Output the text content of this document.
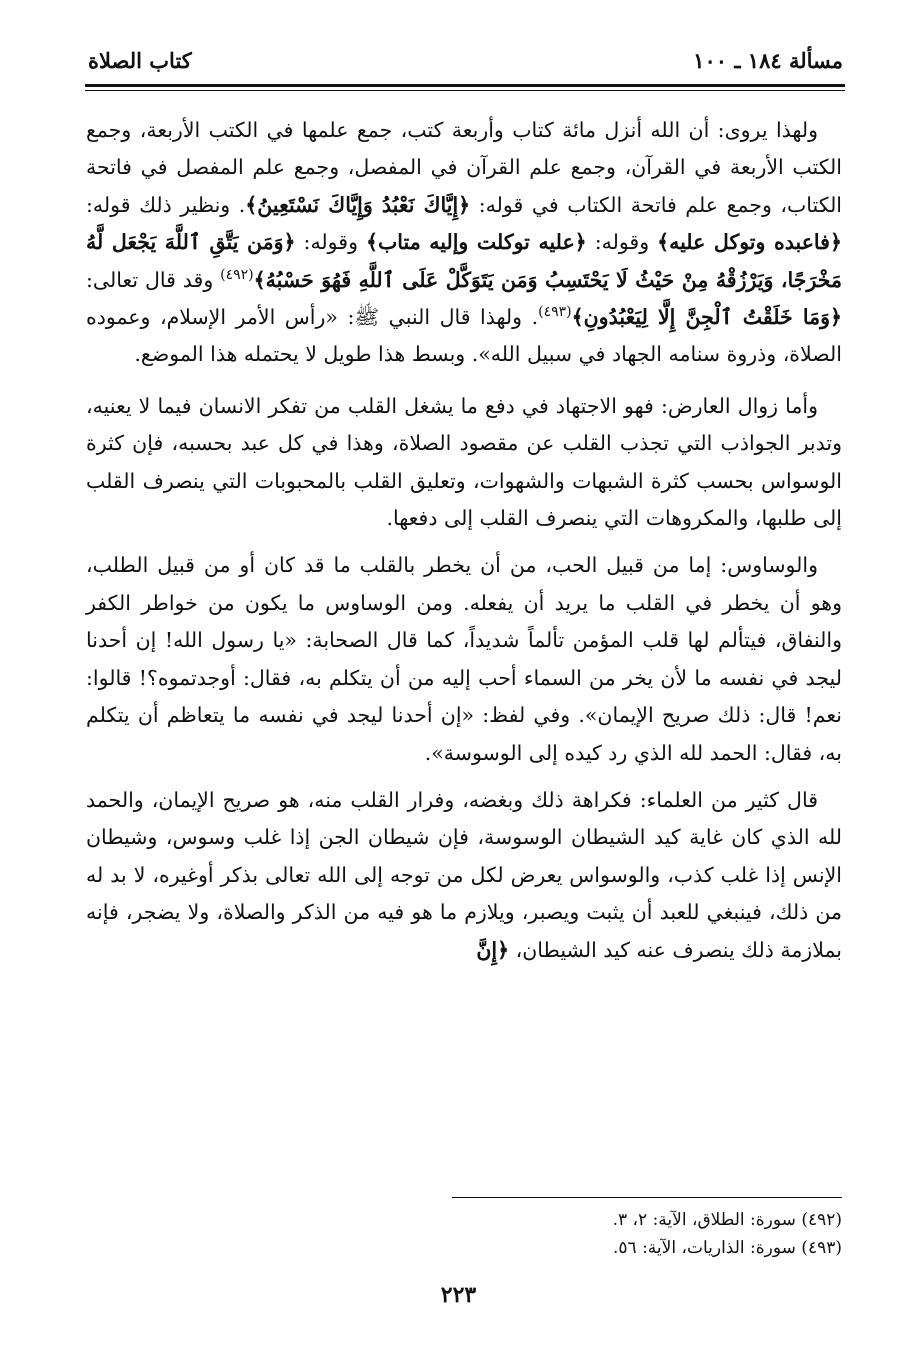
مسألة ١٨٤ ـ ١٠٠
كتاب الصلاة

ولهذا يروى: أن الله أنزل مائة كتاب وأربعة كتب، جمع علمها في الكتب الأربعة، وجمع الكتب الأربعة في القرآن، وجمع علم القرآن في المفصل، وجمع علم المفصل في فاتحة الكتاب، وجمع علم فاتحة الكتاب في قوله: ﴿إِيَّاكَ نَعْبُدُ وَإِيَّاكَ نَسْتَعِينُ﴾. ونظير ذلك قوله: ﴿فاعبده وتوكل عليه﴾ وقوله: ﴿عليه توكلت وإليه متاب﴾ وقوله: ﴿وَمَن يَتَّقِ ٱللَّهَ يَجْعَل لَّهُ مَخْرَجًا، وَيَرْزُقْهُ مِنْ حَيْثُ لَا يَحْتَسِبُ وَمَن يَتَوَكَّلْ عَلَى ٱللَّهِ فَهُوَ حَسْبُهُ﴾$^{(٤٩٢)}$ وقد قال تعالى: ﴿وَمَا خَلَقْتُ ٱلْجِنَّ إِلَّا لِيَعْبُدُونِ﴾$^{(٤٩٣)}$. ولهذا قال النبي ﷺ: «رأس الأمر الإسلام، وعموده الصلاة، وذروة سنامه الجهاد في سبيل الله». وبسط هذا طويل لا يحتمله هذا الموضع.

وأما زوال العارض: فهو الاجتهاد في دفع ما يشغل القلب من تفكر الانسان فيما لا يعنيه، وتدبر الجواذب التي تجذب القلب عن مقصود الصلاة، وهذا في كل عبد بحسبه، فإن كثرة الوسواس بحسب كثرة الشبهات والشهوات، وتعليق القلب بالمحبوبات التي ينصرف القلب إلى طلبها، والمكروهات التي ينصرف القلب إلى دفعها.

والوساوس: إما من قبيل الحب، من أن يخطر بالقلب ما قد كان أو من قبيل الطلب، وهو أن يخطر في القلب ما يريد أن يفعله. ومن الوساوس ما يكون من خواطر الكفر والنفاق، فيتألم لها قلب المؤمن تألماً شديداً، كما قال الصحابة: «يا رسول الله! إن أحدنا ليجد في نفسه ما لأن يخر من السماء أحب إليه من أن يتكلم به، فقال: أوجدتموه؟! قالوا: نعم! قال: ذلك صريح الإيمان». وفي لفظ: «إن أحدنا ليجد في نفسه ما يتعاظم أن يتكلم به، فقال: الحمد لله الذي رد كيده إلى الوسوسة».

قال كثير من العلماء: فكراهة ذلك وبغضه، وفرار القلب منه، هو صريح الإيمان، والحمد لله الذي كان غاية كيد الشيطان الوسوسة، فإن شيطان الجن إذا غلب وسوس، وشيطان الإنس إذا غلب كذب، والوسواس يعرض لكل من توجه إلى الله تعالى بذكر أوغيره، لا بد له من ذلك، فينبغي للعبد أن يثبت ويصبر، ويلازم ما هو فيه من الذكر والصلاة، ولا يضجر، فإنه بملازمة ذلك ينصرف عنه كيد الشيطان، ﴿إِنَّ

(٤٩٢) سورة: الطلاق، الآية: ٢، ٣.
(٤٩٣) سورة: الذاريات، الآية: ٥٦.
٢٢٣
